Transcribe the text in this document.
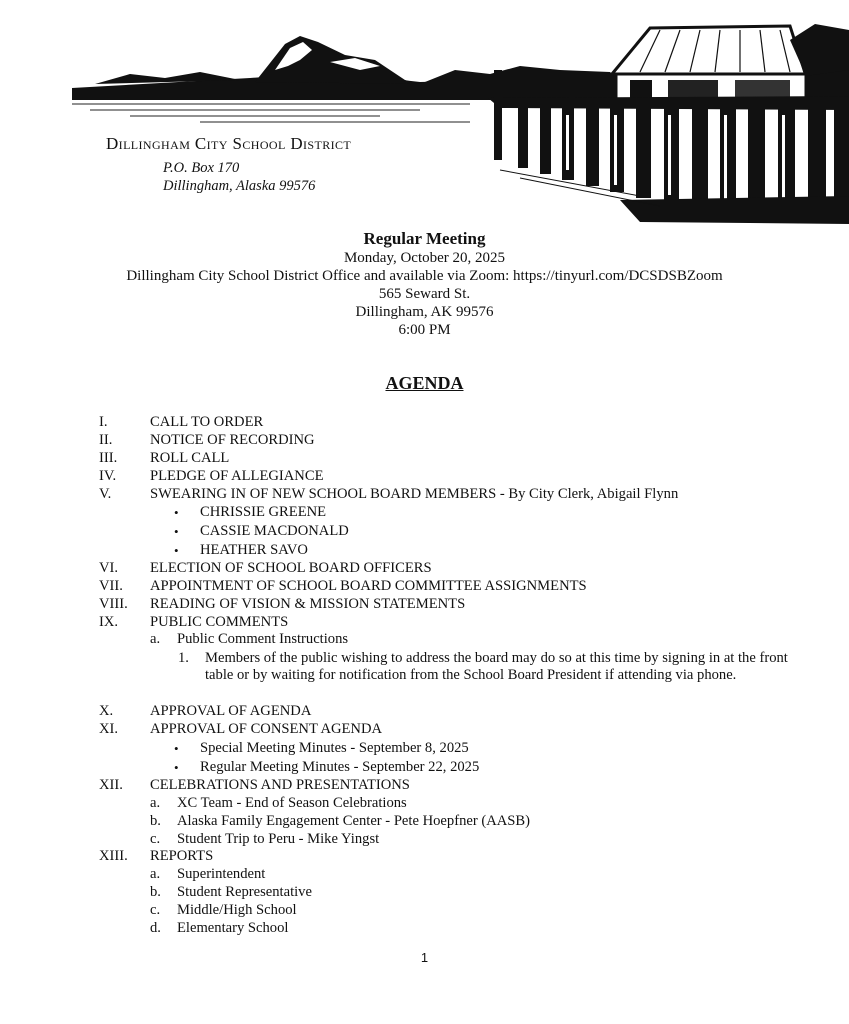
Dillingham City School District
P.O. Box 170
Dillingham, Alaska 99576
Regular Meeting
Monday, October 20, 2025
Dillingham City School District Office and available via Zoom: https://tinyurl.com/DCSDSBZoom
565 Seward St.
Dillingham, AK 99576
6:00 PM
AGENDA
I.	CALL TO ORDER
II.	NOTICE OF RECORDING
III. ROLL CALL
IV. PLEDGE OF ALLEGIANCE
V.	SWEARING IN OF NEW SCHOOL BOARD MEMBERS - By City Clerk, Abigail Flynn
• CHRISSIE GREENE
• CASSIE MACDONALD
• HEATHER SAVO
VI. ELECTION OF SCHOOL BOARD OFFICERS
VII. APPOINTMENT OF SCHOOL BOARD COMMITTEE ASSIGNMENTS
VIII. READING OF VISION & MISSION STATEMENTS
IX. PUBLIC COMMENTS
a. Public Comment Instructions
1. Members of the public wishing to address the board may do so at this time by signing in at the front table or by waiting for notification from the School Board President if attending via phone.
X.	APPROVAL OF AGENDA
XI. APPROVAL OF CONSENT AGENDA
• Special Meeting Minutes - September 8, 2025
• Regular Meeting Minutes - September 22, 2025
XII. CELEBRATIONS AND PRESENTATIONS
a. XC Team - End of Season Celebrations
b. Alaska Family Engagement Center - Pete Hoepfner (AASB)
c. Student Trip to Peru - Mike Yingst
XIII. REPORTS
a. Superintendent
b. Student Representative
c. Middle/High School
d. Elementary School
1
